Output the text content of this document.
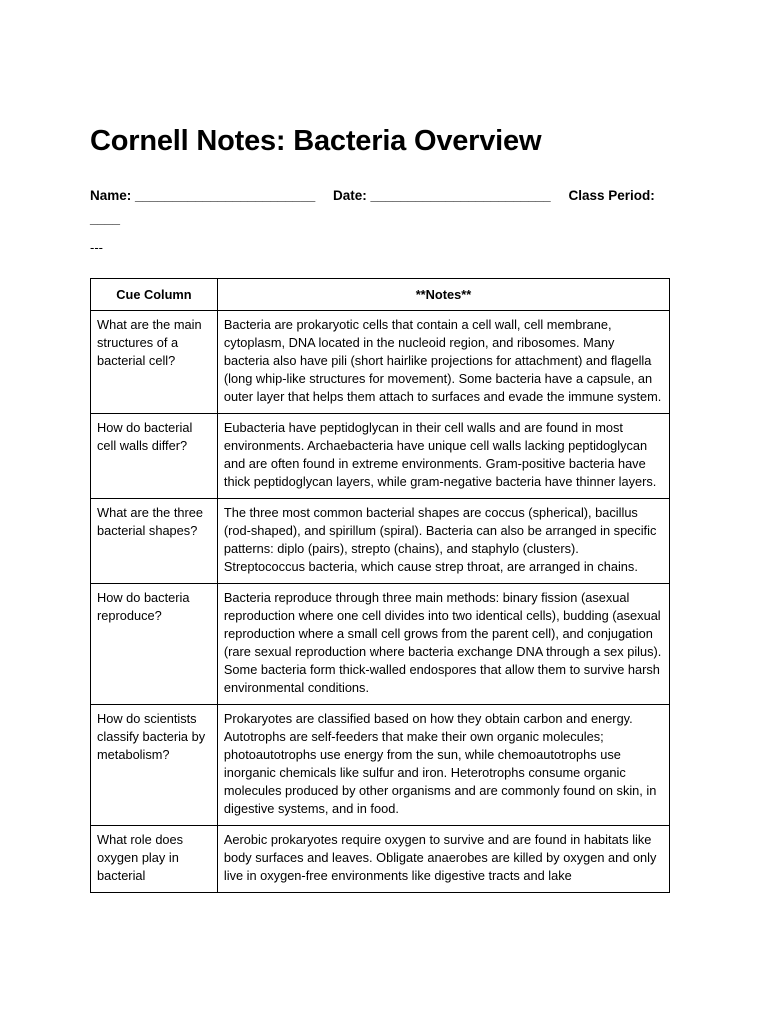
Cornell Notes: Bacteria Overview
Name: ________________________ Date: ________________________ Class Period: ____
---
Cue Column	**Notes**
What are the main structures of a bacterial cell?	Bacteria are prokaryotic cells that contain a cell wall, cell membrane, cytoplasm, DNA located in the nucleoid region, and ribosomes. Many bacteria also have pili (short hairlike projections for attachment) and flagella (long whip-like structures for movement). Some bacteria have a capsule, an outer layer that helps them attach to surfaces and evade the immune system.
How do bacterial cell walls differ?	Eubacteria have peptidoglycan in their cell walls and are found in most environments. Archaebacteria have unique cell walls lacking peptidoglycan and are often found in extreme environments. Gram-positive bacteria have thick peptidoglycan layers, while gram-negative bacteria have thinner layers.
What are the three bacterial shapes?	The three most common bacterial shapes are coccus (spherical), bacillus (rod-shaped), and spirillum (spiral). Bacteria can also be arranged in specific patterns: diplo (pairs), strepto (chains), and staphylo (clusters). Streptococcus bacteria, which cause strep throat, are arranged in chains.
How do bacteria reproduce?	Bacteria reproduce through three main methods: binary fission (asexual reproduction where one cell divides into two identical cells), budding (asexual reproduction where a small cell grows from the parent cell), and conjugation (rare sexual reproduction where bacteria exchange DNA through a sex pilus). Some bacteria form thick-walled endospores that allow them to survive harsh environmental conditions.
How do scientists classify bacteria by metabolism?	Prokaryotes are classified based on how they obtain carbon and energy. Autotrophs are self-feeders that make their own organic molecules; photoautotrophs use energy from the sun, while chemoautotrophs use inorganic chemicals like sulfur and iron. Heterotrophs consume organic molecules produced by other organisms and are commonly found on skin, in digestive systems, and in food.

What role does oxygen play in bacterial	Aerobic prokaryotes require oxygen to survive and are found in habitats like body surfaces and leaves. Obligate anaerobes are killed by oxygen and only live in oxygen-free environments like digestive tracts and lake
